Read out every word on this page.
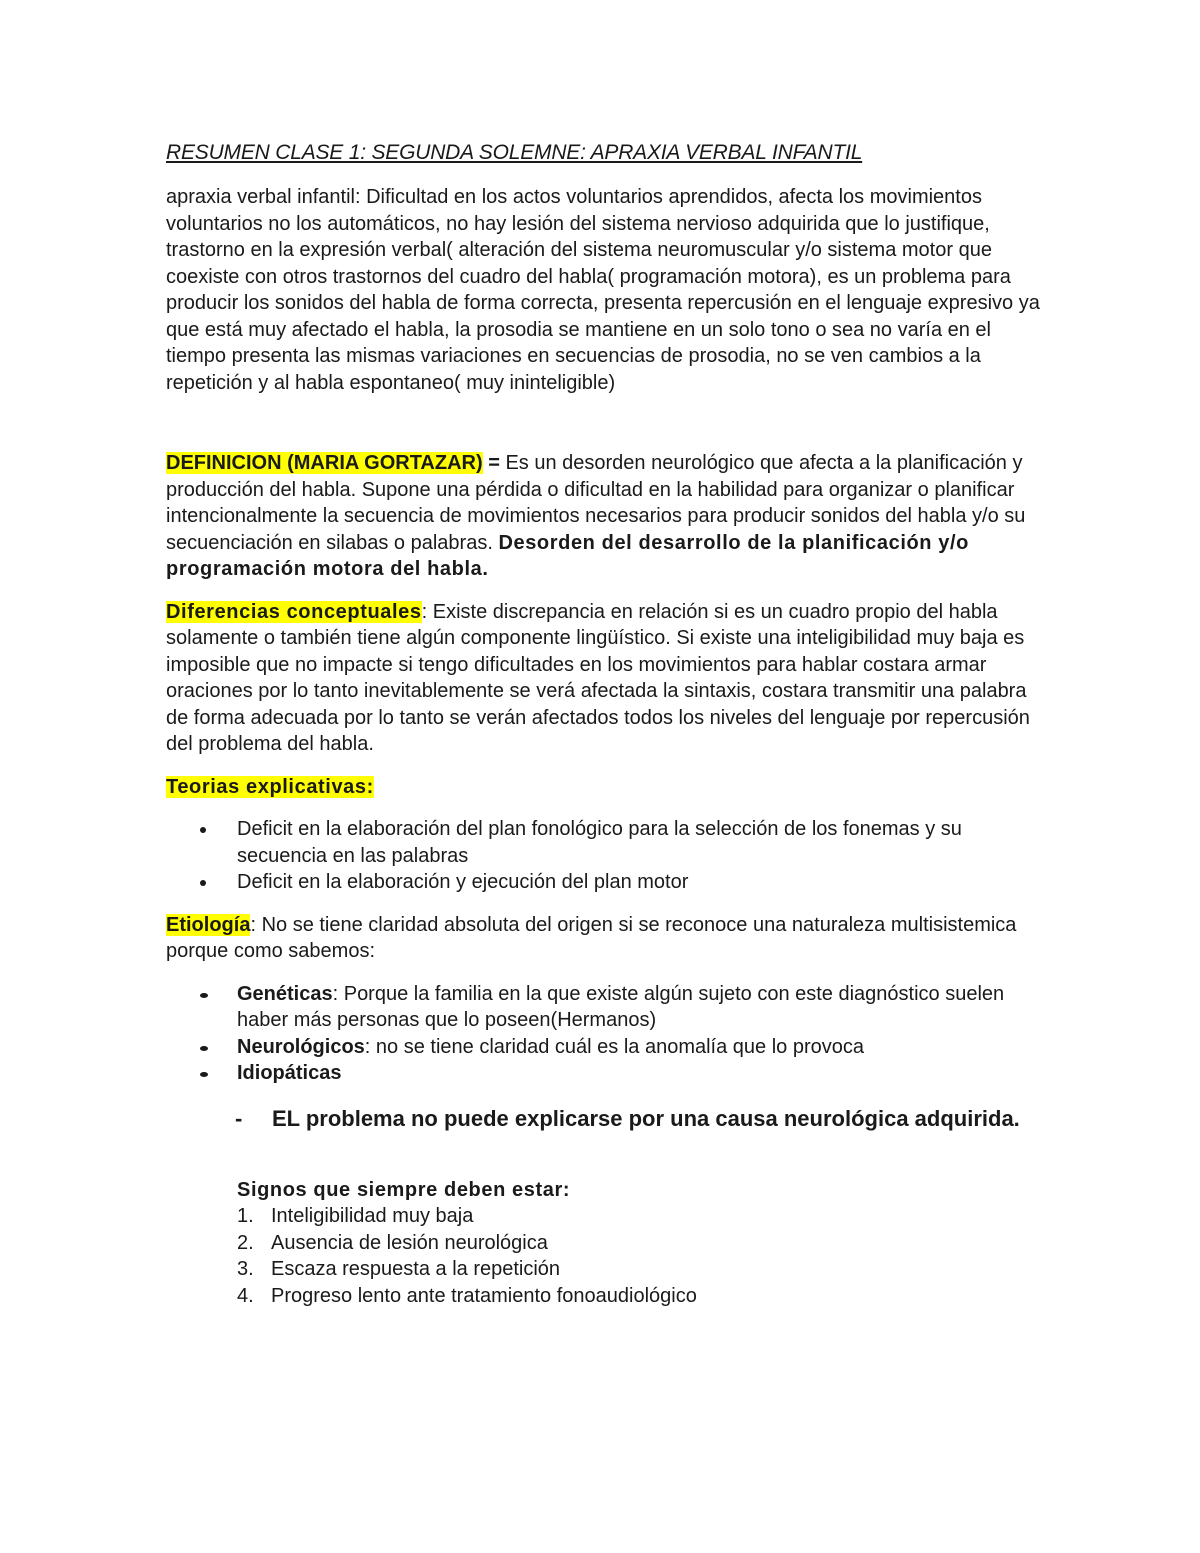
RESUMEN CLASE 1: SEGUNDA SOLEMNE: APRAXIA VERBAL INFANTIL

apraxia verbal infantil: Dificultad en los actos voluntarios aprendidos, afecta los movimientos voluntarios no los automáticos, no hay lesión del sistema nervioso adquirida que lo justifique, trastorno en la expresión verbal( alteración del sistema neuromuscular y/o sistema motor que coexiste con otros trastornos del cuadro del habla( programación motora), es un problema para producir los sonidos del habla de forma correcta, presenta repercusión en el lenguaje expresivo ya que está muy afectado el habla, la prosodia se mantiene en un solo tono o sea no varía en el tiempo presenta las mismas variaciones en secuencias de prosodia, no se ven cambios a la repetición y al habla espontaneo( muy ininteligible)

DEFINICION (MARIA GORTAZAR) = Es un desorden neurológico que afecta a la planificación y producción del habla. Supone una pérdida o dificultad en la habilidad para organizar o planificar intencionalmente la secuencia de movimientos necesarios para producir sonidos del habla y/o su secuenciación en silabas o palabras. Desorden del desarrollo de la planificación y/o programación motora del habla.

Diferencias conceptuales: Existe discrepancia en relación si es un cuadro propio del habla solamente o también tiene algún componente lingüístico. Si existe una inteligibilidad muy baja es imposible que no impacte si tengo dificultades en los movimientos para hablar costara armar oraciones por lo tanto inevitablemente se verá afectada la sintaxis, costara transmitir una palabra de forma adecuada por lo tanto se verán afectados todos los niveles del lenguaje por repercusión del problema del habla.

Teorias explicativas:

Deficit en la elaboración del plan fonológico para la selección de los fonemas y su secuencia en las palabras
Deficit en la elaboración y ejecución del plan motor

Etiología: No se tiene claridad absoluta del origen si se reconoce una naturaleza multisistemica porque como sabemos:

Genéticas: Porque la familia en la que existe algún sujeto con este diagnóstico suelen haber más personas que lo poseen(Hermanos)
Neurológicos: no se tiene claridad cuál es la anomalía que lo provoca
Idiopáticas

- EL problema no puede explicarse por una causa neurológica adquirida.

Signos que siempre deben estar:

1. Inteligibilidad muy baja
2. Ausencia de lesión neurológica
3. Escaza respuesta a la repetición
4. Progreso lento ante tratamiento fonoaudiológico
